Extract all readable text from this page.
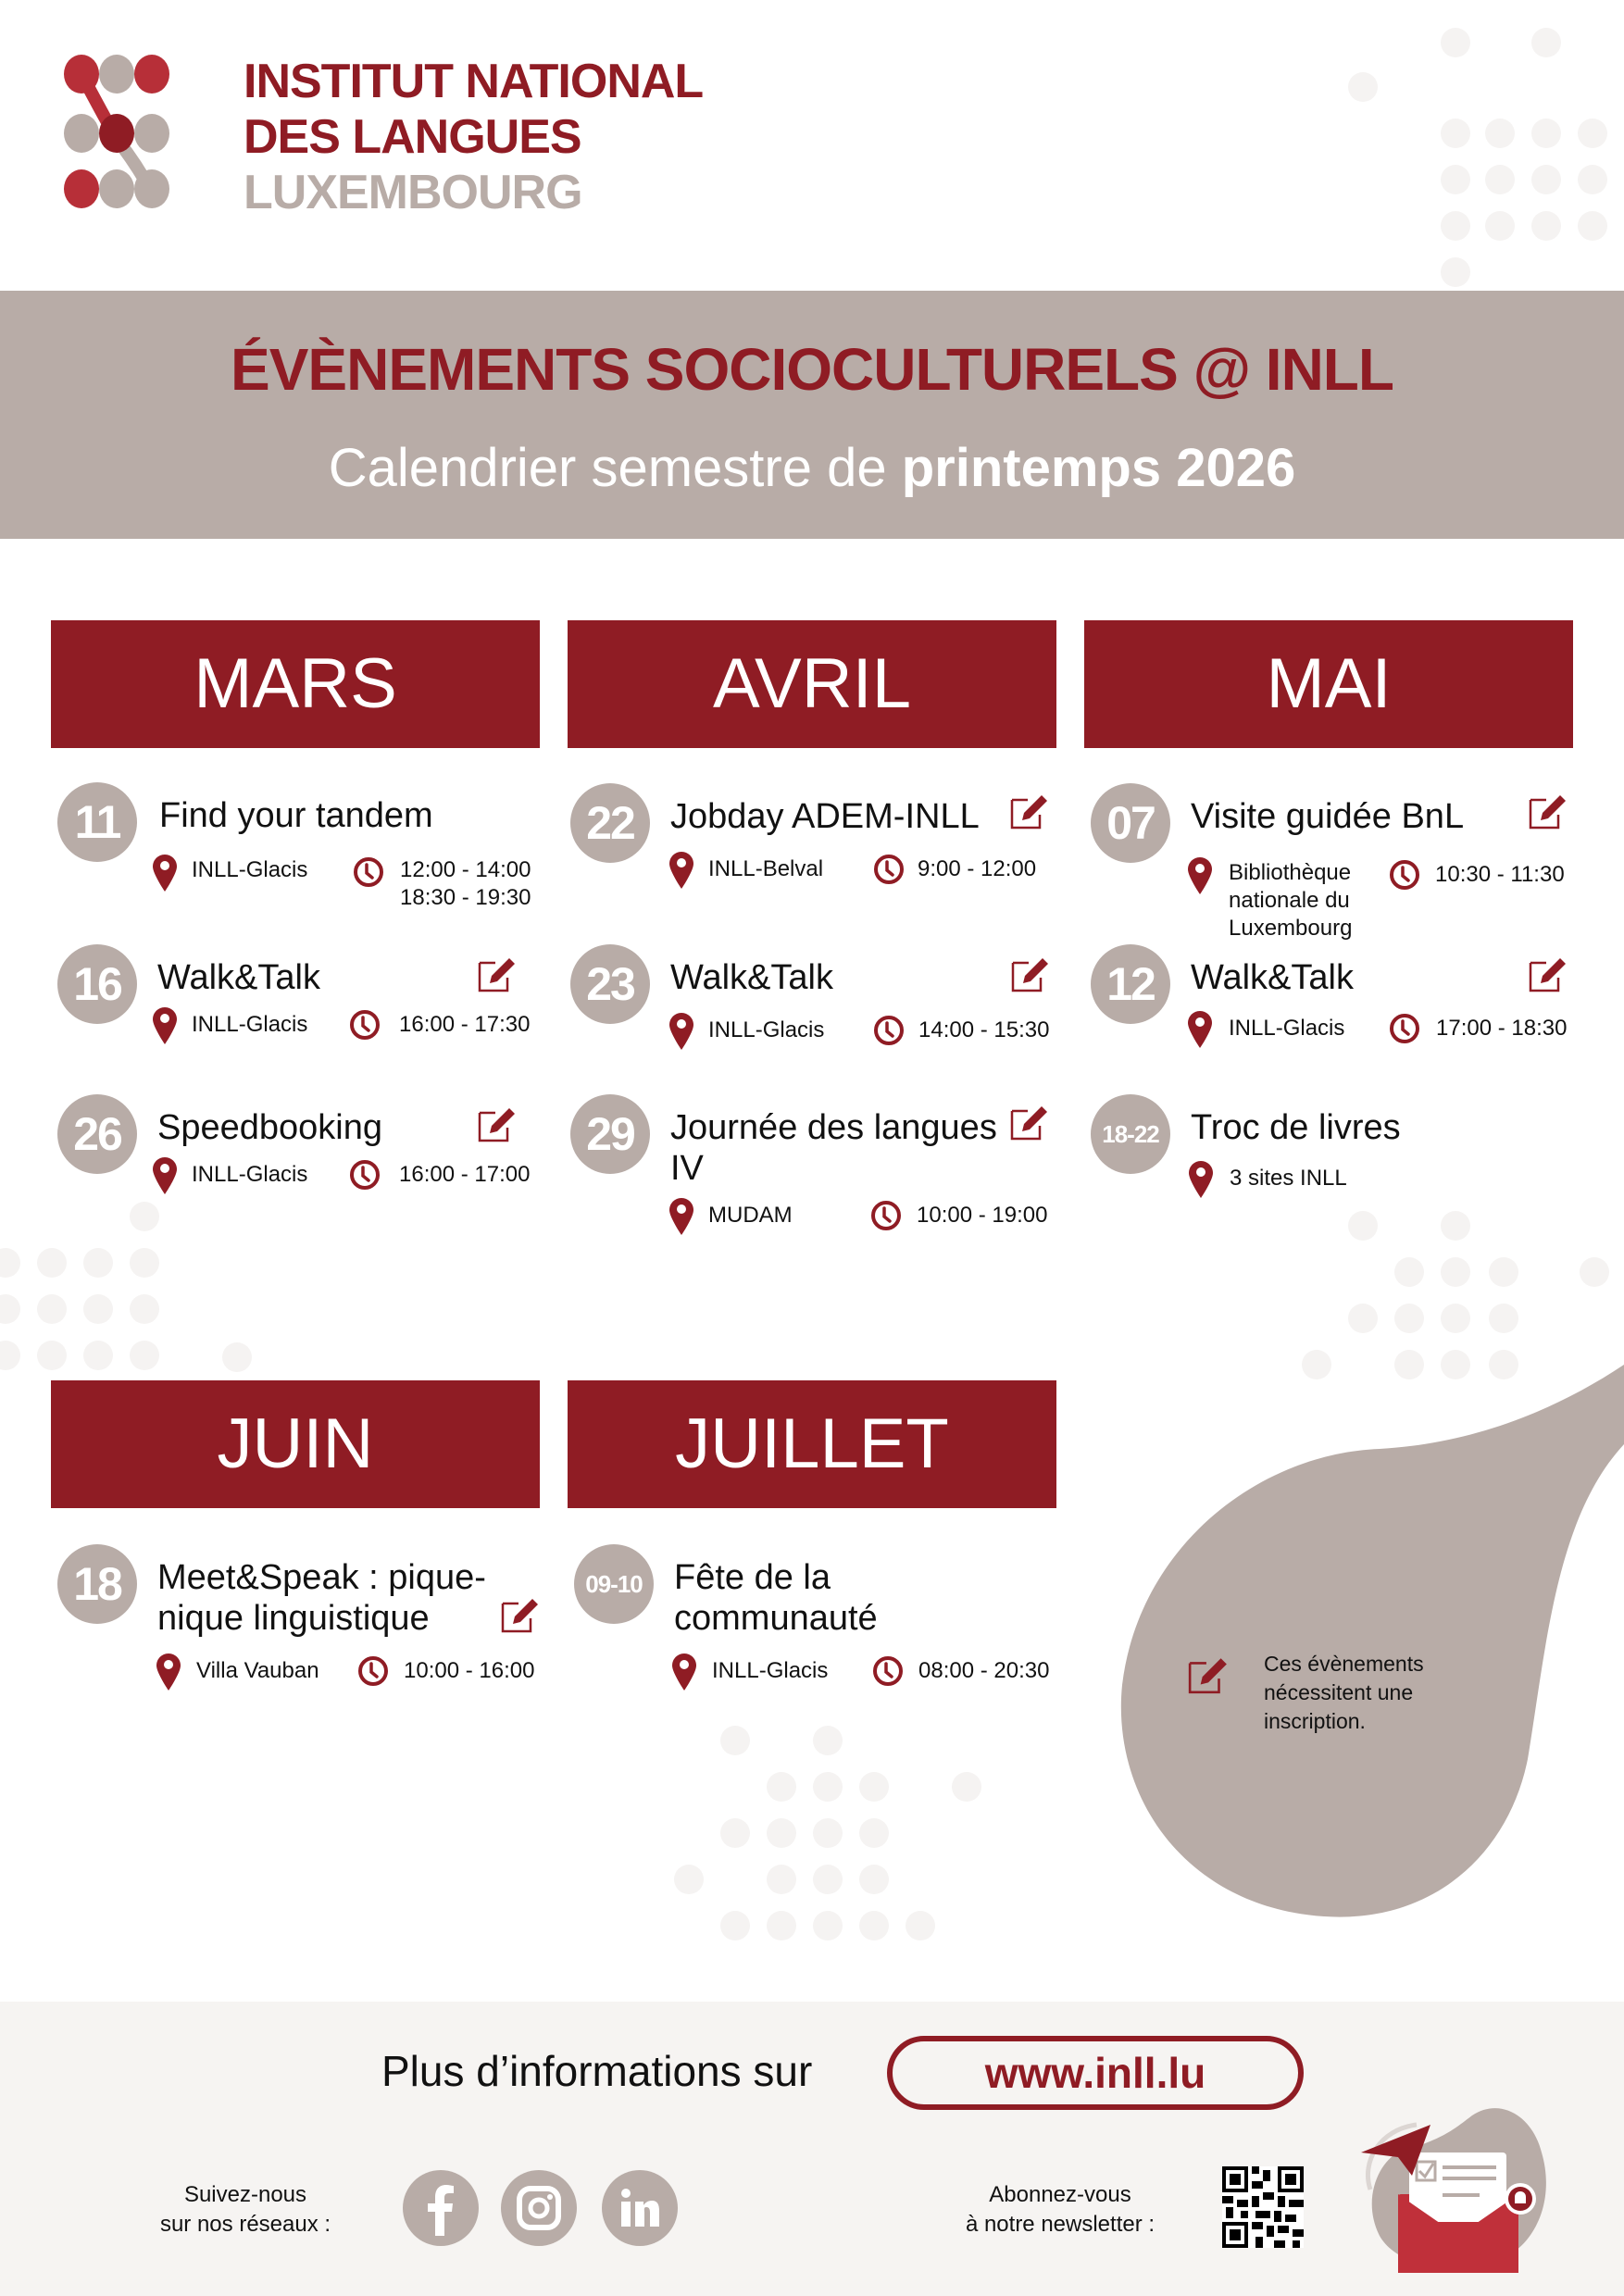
INSTITUT NATIONAL
DES LANGUES
LUXEMBOURG
ÉVÈNEMENTS SOCIOCULTURELS @ INLL
Calendrier semestre de printemps 2026
MARS	AVRIL	MAI
JUIN	JUILLET
11	Find your tandem
INLL-Glacis	12:00 - 14:00
18:30 - 19:30
16	Walk&Talk
INLL-Glacis	16:00 - 17:30
26	Speedbooking
INLL-Glacis	16:00 - 17:00
22	Jobday ADEM-INLL
INLL-Belval	9:00 - 12:00
23	Walk&Talk
INLL-Glacis	14:00 - 15:30
29	Journée des langues IV
MUDAM	10:00 - 19:00
07	Visite guidée BnL
Bibliothèque nationale du Luxembourg
10:30 - 11:30
12	Walk&Talk
INLL-Glacis	17:00 - 18:30
18-22 Troc de livres
3 sites INLL
18	Meet&Speak : pique-nique linguistique
Villa Vauban	10:00 - 16:00
09-10 Fête de la communauté
INLL-Glacis	08:00 - 20:30	Ces évènements nécessitent une inscription.
Plus d’informations sur	www.inll.lu
Suivez-nous
sur nos réseaux :
Abonnez-vous
à notre newsletter :
